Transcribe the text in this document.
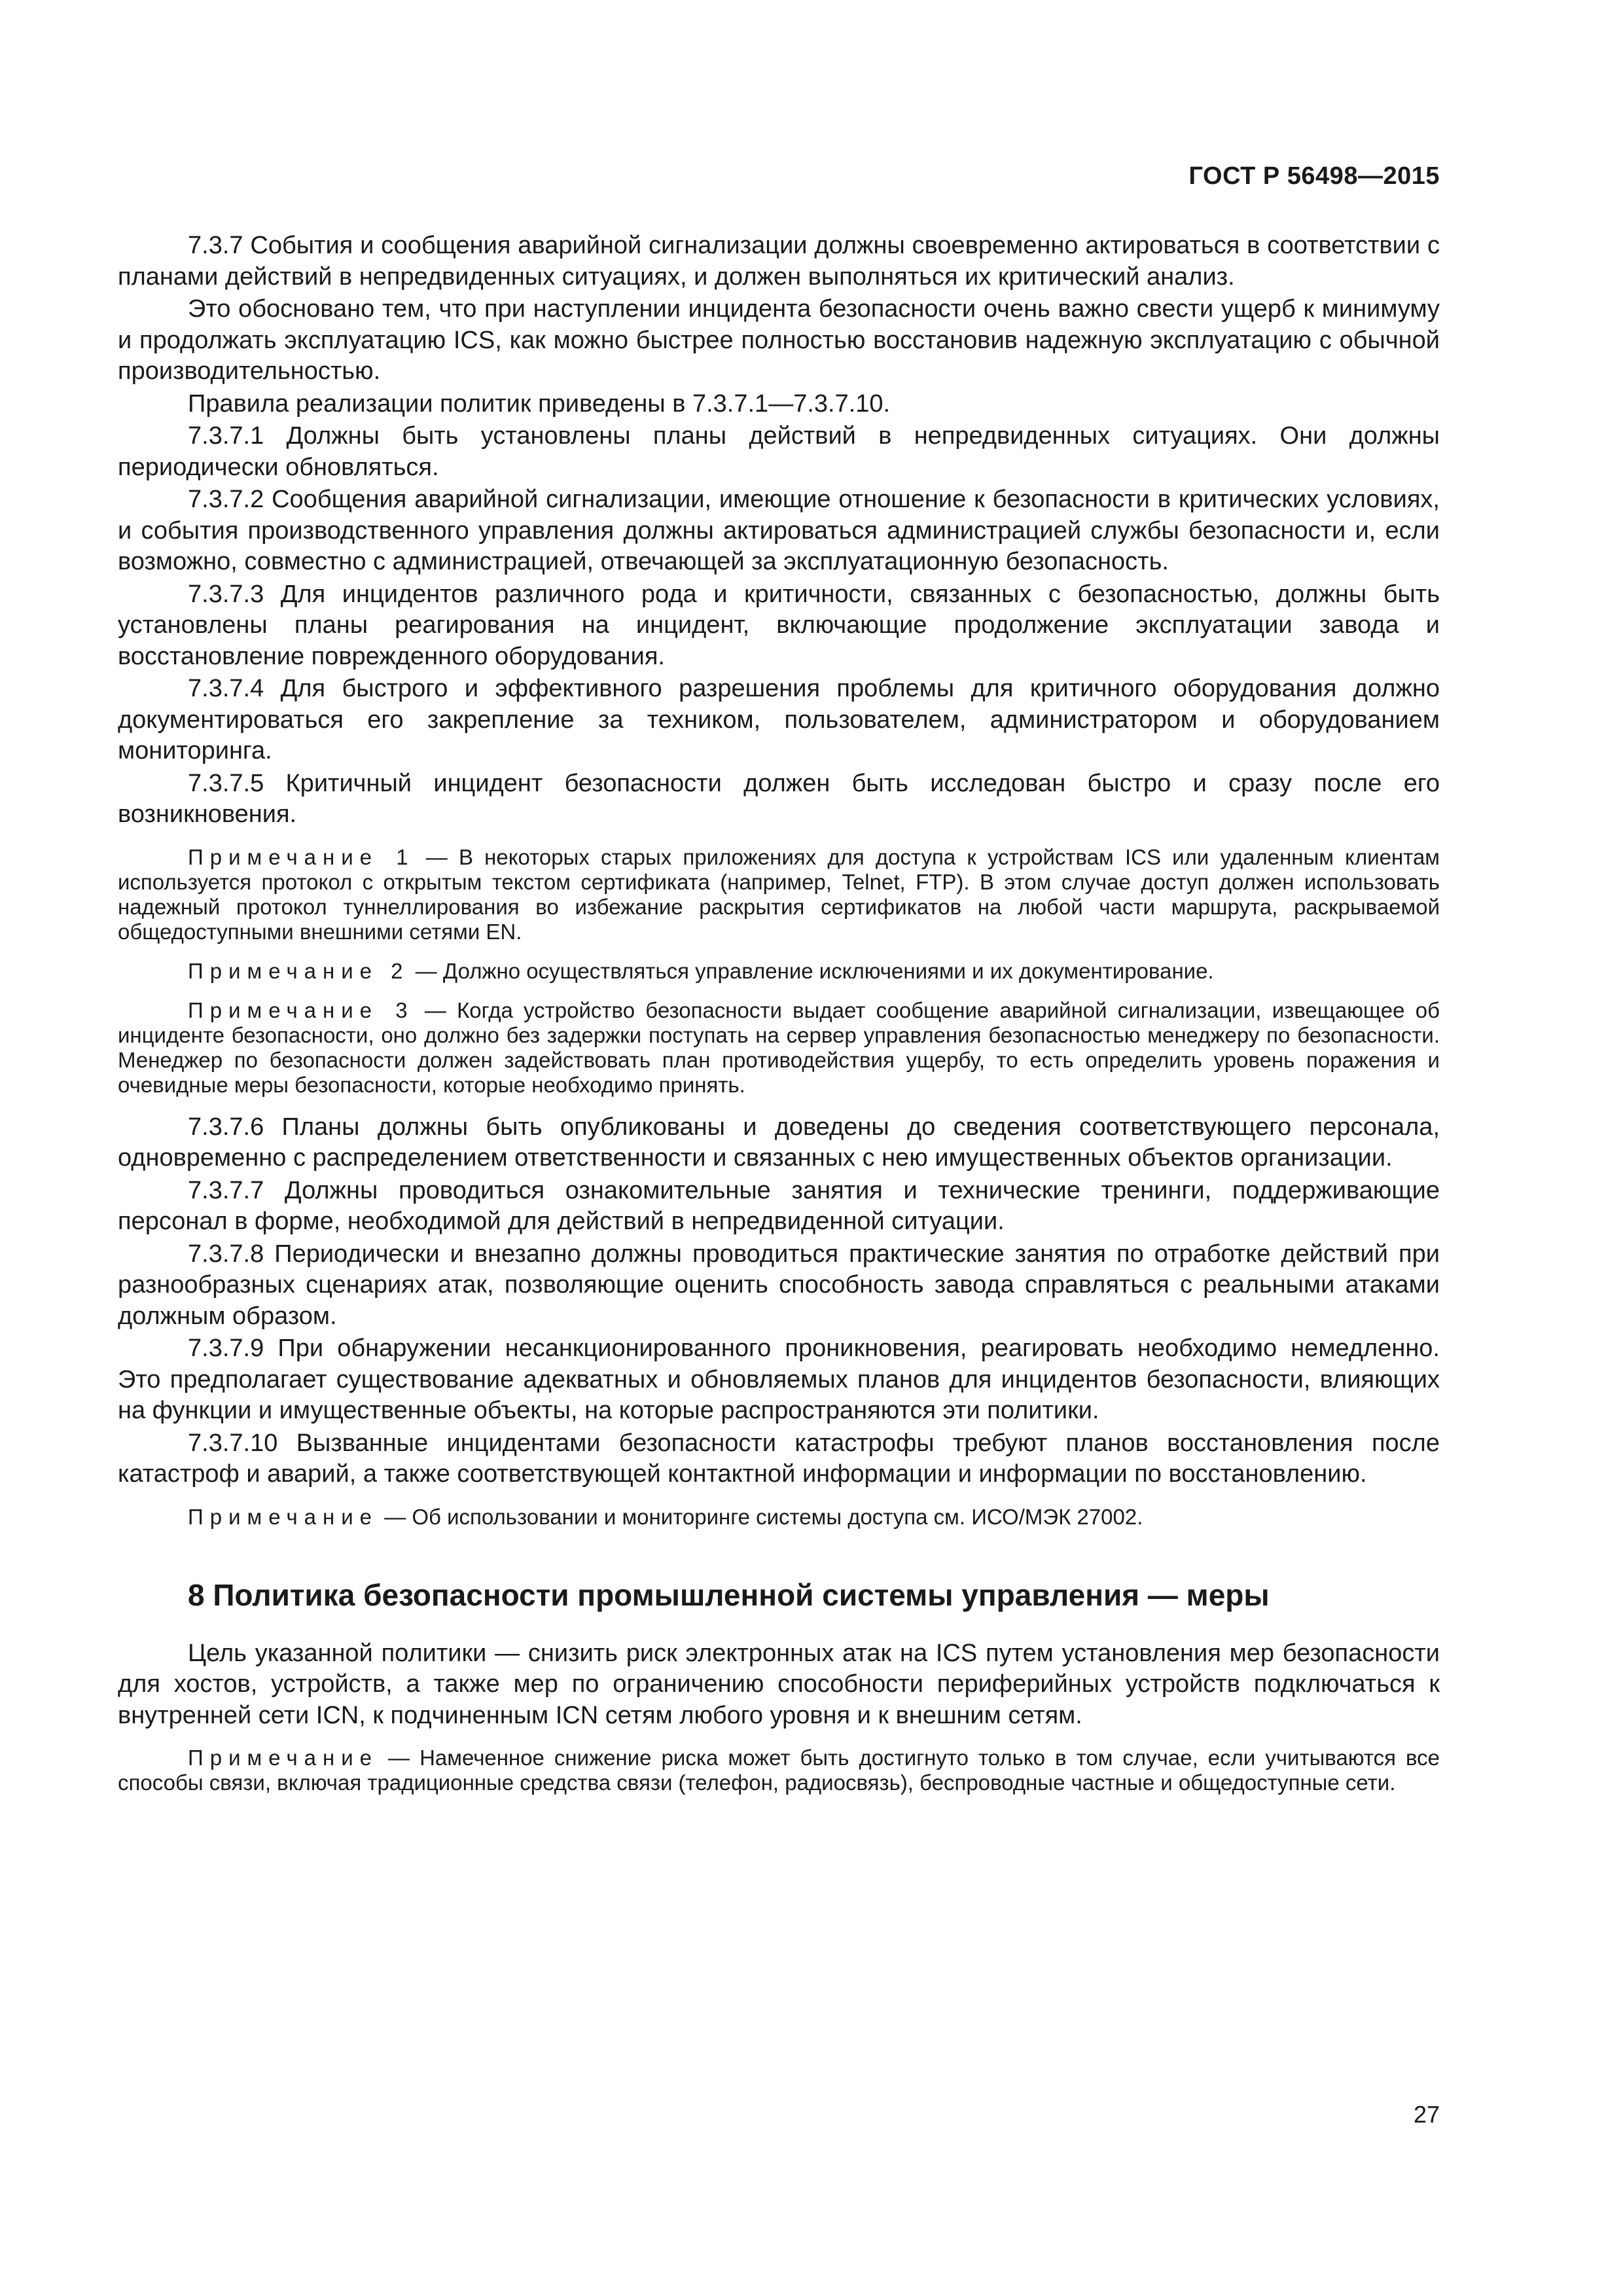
ГОСТ Р 56498—2015

7.3.7 События и сообщения аварийной сигнализации должны своевременно актироваться в соответствии с планами действий в непредвиденных ситуациях, и должен выполняться их критический анализ.

Это обосновано тем, что при наступлении инцидента безопасности очень важно свести ущерб к минимуму и продолжать эксплуатацию ICS, как можно быстрее полностью восстановив надежную эксплуатацию с обычной производительностью.

Правила реализации политик приведены в 7.3.7.1—7.3.7.10.

7.3.7.1 Должны быть установлены планы действий в непредвиденных ситуациях. Они должны периодически обновляться.

7.3.7.2 Сообщения аварийной сигнализации, имеющие отношение к безопасности в критических условиях, и события производственного управления должны актироваться администрацией службы безопасности и, если возможно, совместно с администрацией, отвечающей за эксплуатационную безопасность.

7.3.7.3 Для инцидентов различного рода и критичности, связанных с безопасностью, должны быть установлены планы реагирования на инцидент, включающие продолжение эксплуатации завода и восстановление поврежденного оборудования.

7.3.7.4 Для быстрого и эффективного разрешения проблемы для критичного оборудования должно документироваться его закрепление за техником, пользователем, администратором и оборудованием мониторинга.

7.3.7.5 Критичный инцидент безопасности должен быть исследован быстро и сразу после его возникновения.

Примечание 1 — В некоторых старых приложениях для доступа к устройствам ICS или удаленным клиентам используется протокол с открытым текстом сертификата (например, Telnet, FTP). В этом случае доступ должен использовать надежный протокол туннеллирования во избежание раскрытия сертификатов на любой части маршрута, раскрываемой общедоступными внешними сетями EN.

Примечание 2 — Должно осуществляться управление исключениями и их документирование.

Примечание 3 — Когда устройство безопасности выдает сообщение аварийной сигнализации, извещающее об инциденте безопасности, оно должно без задержки поступать на сервер управления безопасностью менеджеру по безопасности. Менеджер по безопасности должен задействовать план противодействия ущербу, то есть определить уровень поражения и очевидные меры безопасности, которые необходимо принять.

7.3.7.6 Планы должны быть опубликованы и доведены до сведения соответствующего персонала, одновременно с распределением ответственности и связанных с нею имущественных объектов организации.

7.3.7.7 Должны проводиться ознакомительные занятия и технические тренинги, поддерживающие персонал в форме, необходимой для действий в непредвиденной ситуации.

7.3.7.8 Периодически и внезапно должны проводиться практические занятия по отработке действий при разнообразных сценариях атак, позволяющие оценить способность завода справляться с реальными атаками должным образом.

7.3.7.9 При обнаружении несанкционированного проникновения, реагировать необходимо немедленно. Это предполагает существование адекватных и обновляемых планов для инцидентов безопасности, влияющих на функции и имущественные объекты, на которые распространяются эти политики.

7.3.7.10 Вызванные инцидентами безопасности катастрофы требуют планов восстановления после катастроф и аварий, а также соответствующей контактной информации и информации по восстановлению.

Примечание — Об использовании и мониторинге системы доступа см. ИСО/МЭК 27002.

8 Политика безопасности промышленной системы управления — меры

Цель указанной политики — снизить риск электронных атак на ICS путем установления мер безопасности для хостов, устройств, а также мер по ограничению способности периферийных устройств подключаться к внутренней сети ICN, к подчиненным ICN сетям любого уровня и к внешним сетям.

Примечание — Намеченное снижение риска может быть достигнуто только в том случае, если учитываются все способы связи, включая традиционные средства связи (телефон, радиосвязь), беспроводные частные и общедоступные сети.

27
